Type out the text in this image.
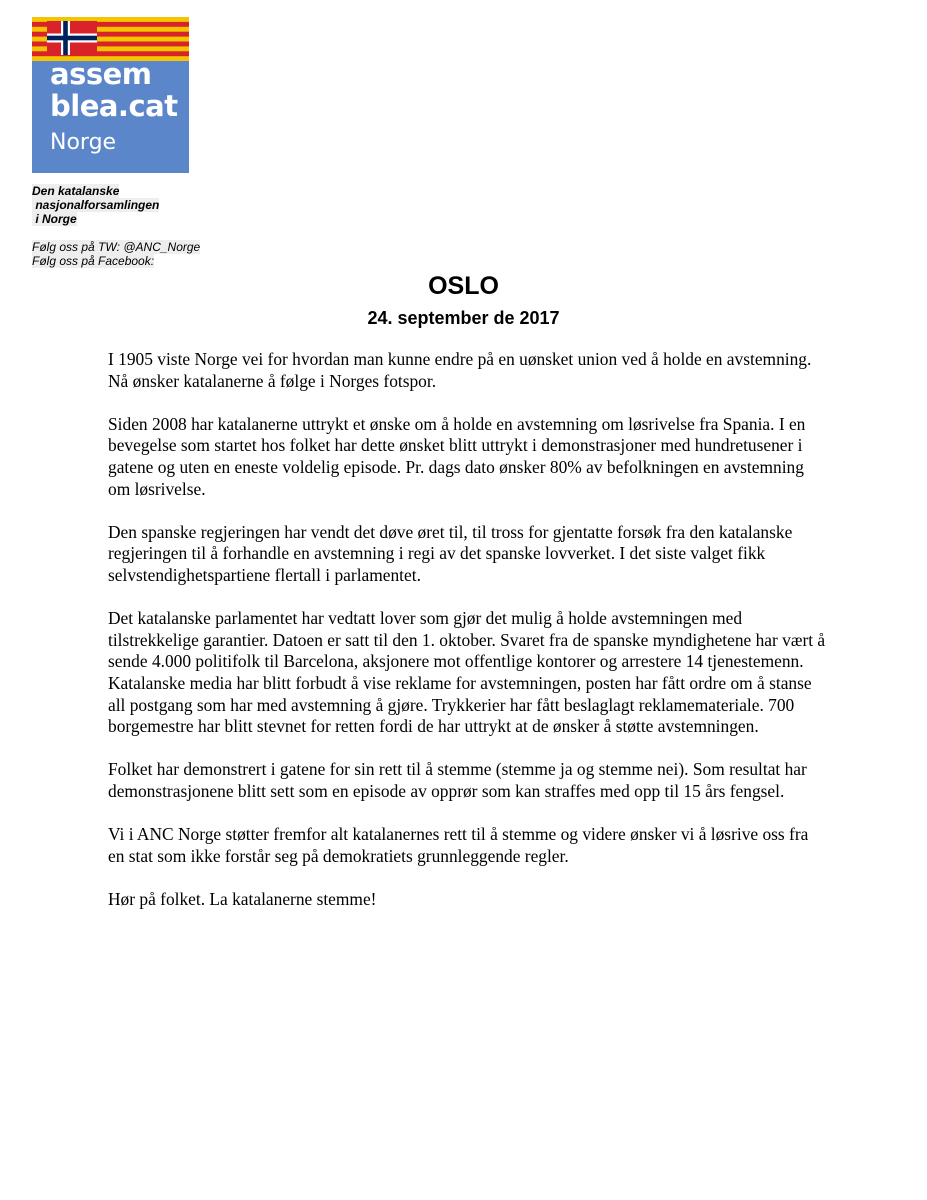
assem
blea.cat
Norge
Den katalanske
nasjonalforsamlingen
i Norge
Følg oss på TW: @ANC_Norge
Følg oss på Facebook:
OSLO
24. september de 2017

I 1905 viste Norge vei for hvordan man kunne endre på en uønsket union ved å holde en avstemning. Nå ønsker katalanerne å følge i Norges fotspor.

Siden 2008 har katalanerne uttrykt et ønske om å holde en avstemning om løsrivelse fra Spania. I en bevegelse som startet hos folket har dette ønsket blitt uttrykt i demonstrasjoner med hundretusener i gatene og uten en eneste voldelig episode. Pr. dags dato ønsker 80% av befolkningen en avstemning om løsrivelse.

Den spanske regjeringen har vendt det døve øret til, til tross for gjentatte forsøk fra den katalanske regjeringen til å forhandle en avstemning i regi av det spanske lovverket. I det siste valget fikk selvstendighetspartiene flertall i parlamentet.

Det katalanske parlamentet har vedtatt lover som gjør det mulig å holde avstemningen med tilstrekkelige garantier. Datoen er satt til den 1. oktober. Svaret fra de spanske myndighetene har vært å sende 4.000 politifolk til Barcelona, aksjonere mot offentlige kontorer og arrestere 14 tjenestemenn. Katalanske media har blitt forbudt å vise reklame for avstemningen, posten har fått ordre om å stanse all postgang som har med avstemning å gjøre. Trykkerier har fått beslaglagt reklamemateriale. 700 borgemestre har blitt stevnet for retten fordi de har uttrykt at de ønsker å støtte avstemningen.

Folket har demonstrert i gatene for sin rett til å stemme (stemme ja og stemme nei). Som resultat har demonstrasjonene blitt sett som en episode av opprør som kan straffes med opp til 15 års fengsel.

Vi i ANC Norge støtter fremfor alt katalanernes rett til å stemme og videre ønsker vi å løsrive oss fra en stat som ikke forstår seg på demokratiets grunnleggende regler.

Hør på folket. La katalanerne stemme!
